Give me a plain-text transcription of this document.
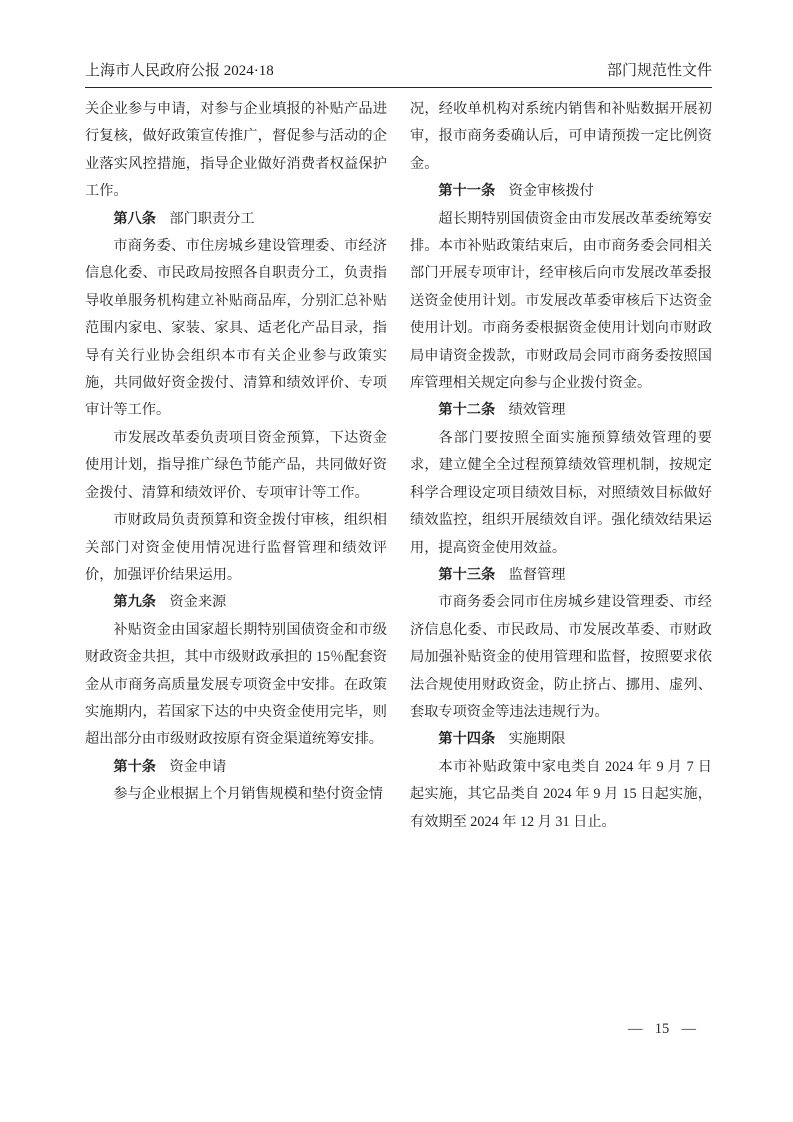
上海市人民政府公报 2024·18	部门规范性文件

关企业参与申请，对参与企业填报的补贴产品进行复核，做好政策宣传推广，督促参与活动的企业落实风控措施，指导企业做好消费者权益保护工作。

第八条 部门职责分工

市商务委、市住房城乡建设管理委、市经济信息化委、市民政局按照各自职责分工，负责指导收单服务机构建立补贴商品库，分别汇总补贴范围内家电、家装、家具、适老化产品目录，指导有关行业协会组织本市有关企业参与政策实施，共同做好资金拨付、清算和绩效评价、专项审计等工作。

市发展改革委负责项目资金预算，下达资金使用计划，指导推广绿色节能产品，共同做好资金拨付、清算和绩效评价、专项审计等工作。

市财政局负责预算和资金拨付审核，组织相关部门对资金使用情况进行监督管理和绩效评价，加强评价结果运用。

第九条 资金来源

补贴资金由国家超长期特别国债资金和市级财政资金共担，其中市级财政承担的 15％配套资金从市商务高质量发展专项资金中安排。在政策实施期内，若国家下达的中央资金使用完毕，则超出部分由市级财政按原有资金渠道统筹安排。

第十条 资金申请

参与企业根据上个月销售规模和垫付资金情

况，经收单机构对系统内销售和补贴数据开展初审，报市商务委确认后，可申请预拨一定比例资金。

第十一条 资金审核拨付

超长期特别国债资金由市发展改革委统筹安排。本市补贴政策结束后，由市商务委会同相关部门开展专项审计，经审核后向市发展改革委报送资金使用计划。市发展改革委审核后下达资金使用计划。市商务委根据资金使用计划向市财政局申请资金拨款，市财政局会同市商务委按照国库管理相关规定向参与企业拨付资金。

第十二条 绩效管理

各部门要按照全面实施预算绩效管理的要求，建立健全全过程预算绩效管理机制，按规定科学合理设定项目绩效目标，对照绩效目标做好绩效监控，组织开展绩效自评。强化绩效结果运用，提高资金使用效益。

第十三条 监督管理

市商务委会同市住房城乡建设管理委、市经济信息化委、市民政局、市发展改革委、市财政局加强补贴资金的使用管理和监督，按照要求依法合规使用财政资金，防止挤占、挪用、虚列、套取专项资金等违法违规行为。

第十四条 实施期限

本市补贴政策中家电类自 2024 年 9 月 7 日起实施，其它品类自 2024 年 9 月 15 日起实施，有效期至 2024 年 12 月 31 日止。

— 15 —
